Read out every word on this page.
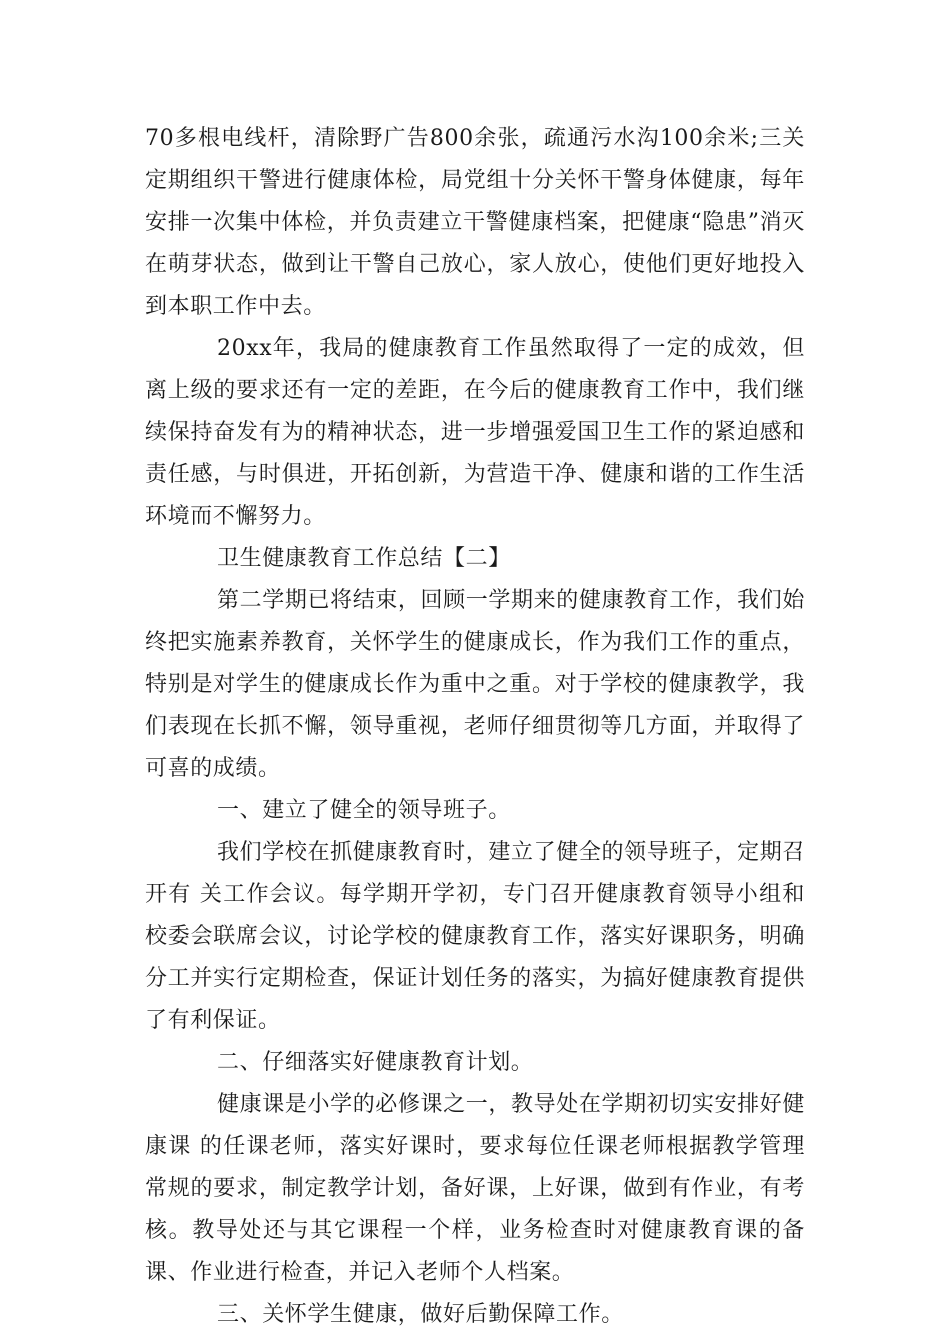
70多根电线杆，清除野广告800余张，疏通污水沟100余米;三关定期组织干警进行健康体检，局党组十分关怀干警身体健康，每年安排一次集中体检，并负责建立干警健康档案，把健康“隐患”消灭在萌芽状态，做到让干警自己放心，家人放心，使他们更好地投入到本职工作中去。

20xx年，我局的健康教育工作虽然取得了一定的成效，但离上级的要求还有一定的差距，在今后的健康教育工作中，我们继续保持奋发有为的精神状态，进一步增强爱国卫生工作的紧迫感和责任感，与时俱进，开拓创新，为营造干净、健康和谐的工作生活环境而不懈努力。

卫生健康教育工作总结【二】

第二学期已将结束，回顾一学期来的健康教育工作，我们始终把实施素养教育，关怀学生的健康成长，作为我们工作的重点，特别是对学生的健康成长作为重中之重。对于学校的健康教学，我们表现在长抓不懈，领导重视，老师仔细贯彻等几方面，并取得了可喜的成绩。

一、建立了健全的领导班子。

我们学校在抓健康教育时，建立了健全的领导班子，定期召开有 关工作会议。每学期开学初，专门召开健康教育领导小组和校委会联席会议，讨论学校的健康教育工作，落实好课职务，明确分工并实行定期检查，保证计划任务的落实，为搞好健康教育提供了有利保证。

二、仔细落实好健康教育计划。

健康课是小学的必修课之一，教导处在学期初切实安排好健康课 的任课老师，落实好课时，要求每位任课老师根据教学管理常规的要求，制定教学计划，备好课，上好课，做到有作业，有考核。教导处还与其它课程一个样，业务检查时对健康教育课的备课、作业进行检查，并记入老师个人档案。

三、关怀学生健康，做好后勤保障工作。
